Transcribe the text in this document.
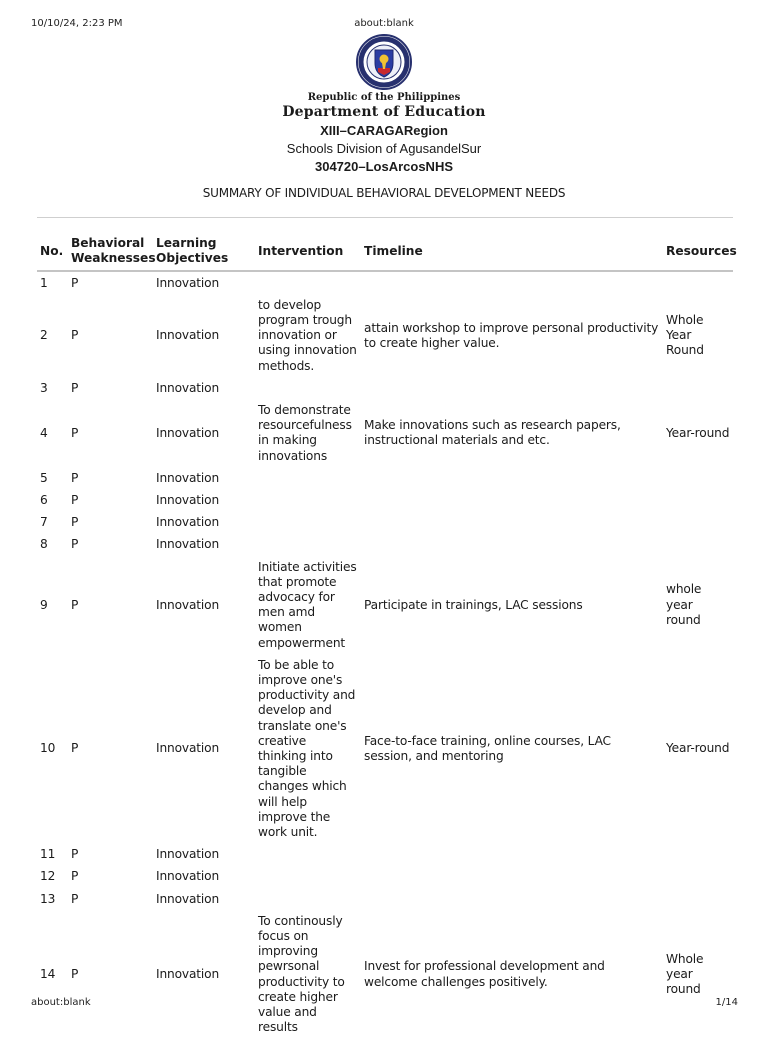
10/10/24, 2:23 PM	about:blank
Republic of the Philippines
Department of Education
XIII–CARAGARegion
Schools Division of AgusandelSur
304720–LosArcosNHS
SUMMARY OF INDIVIDUAL BEHAVIORAL DEVELOPMENT NEEDS
No.	Behavioral Weaknesses	Learning Objectives	Intervention	Timeline	Resources
1	P	Innovation			
2	P	Innovation	to develop program trough innovation or using innovation methods.	attain workshop to improve personal productivity to create higher value.	Whole Year Round
3	P	Innovation			
4	P	Innovation	To demonstrate resourcefulness in making innovations	Make innovations such as research papers, instructional materials and etc.	Year-round
5	P	Innovation			
6	P	Innovation			
7	P	Innovation			
8	P	Innovation			
9	P	Innovation	Initiate activities that promote advocacy for men amd women empowerment	Participate in trainings, LAC sessions	whole year round
10	P	Innovation	To be able to improve one's productivity and develop and translate one's creative thinking into tangible changes which will help improve the work unit.	Face-to-face training, online courses, LAC session, and mentoring	Year-round
11	P	Innovation			
12	P	Innovation			
13	P	Innovation			
14	P	Innovation	To continously focus on improving pewrsonal productivity to create higher value and results	Invest for professional development and welcome challenges positively.	Whole year round
about:blank	1/14
